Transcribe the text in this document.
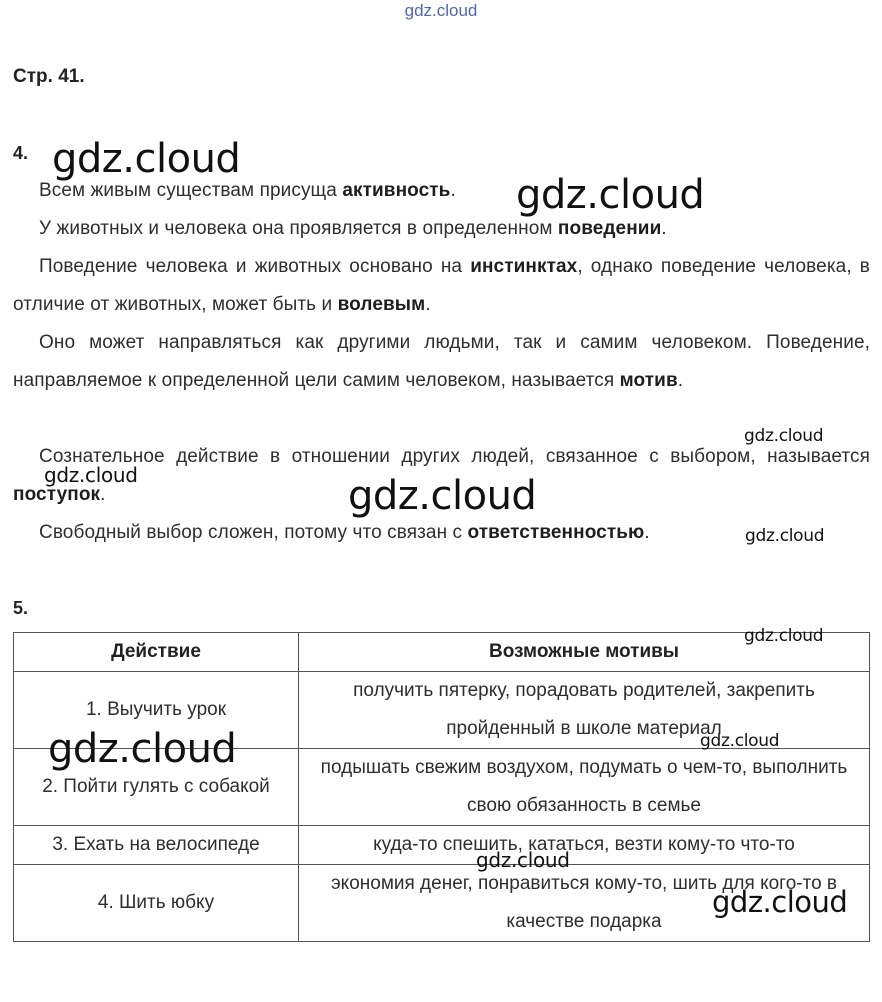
gdz.cloud
Стр. 41.
4.
Всем живым существам присуща активность.
У животных и человека она проявляется в определенном поведении.
Поведение человека и животных основано на инстинктах, однако поведение человека, в отличие от животных, может быть и волевым.
Оно может направляться как другими людьми, так и самим человеком. Поведение, направляемое к определенной цели самим человеком, называется мотив.
Сознательное действие в отношении других людей, связанное с выбором, называется поступок.
Свободный выбор сложен, потому что связан с ответственностью.
5.
Действие	Возможные мотивы
1. Выучить урок	получить пятерку, порадовать родителей, закрепить пройденный в школе материал
2. Пойти гулять с собакой	подышать свежим воздухом, подумать о чем-то, выполнить свою обязанность в семье
3. Ехать на велосипеде	куда-то спешить, кататься, везти кому-то что-то
4. Шить юбку	экономия денег, понравиться кому-то, шить для кого-то в качестве подарка
gdz.cloud
gdz.cloud
gdz.cloud
gdz.cloud	gdz.cloud
gdz.cloud
gdz.cloud
gdz.cloud
gdz.cloud
gdz.cloud
gdz.cloud
